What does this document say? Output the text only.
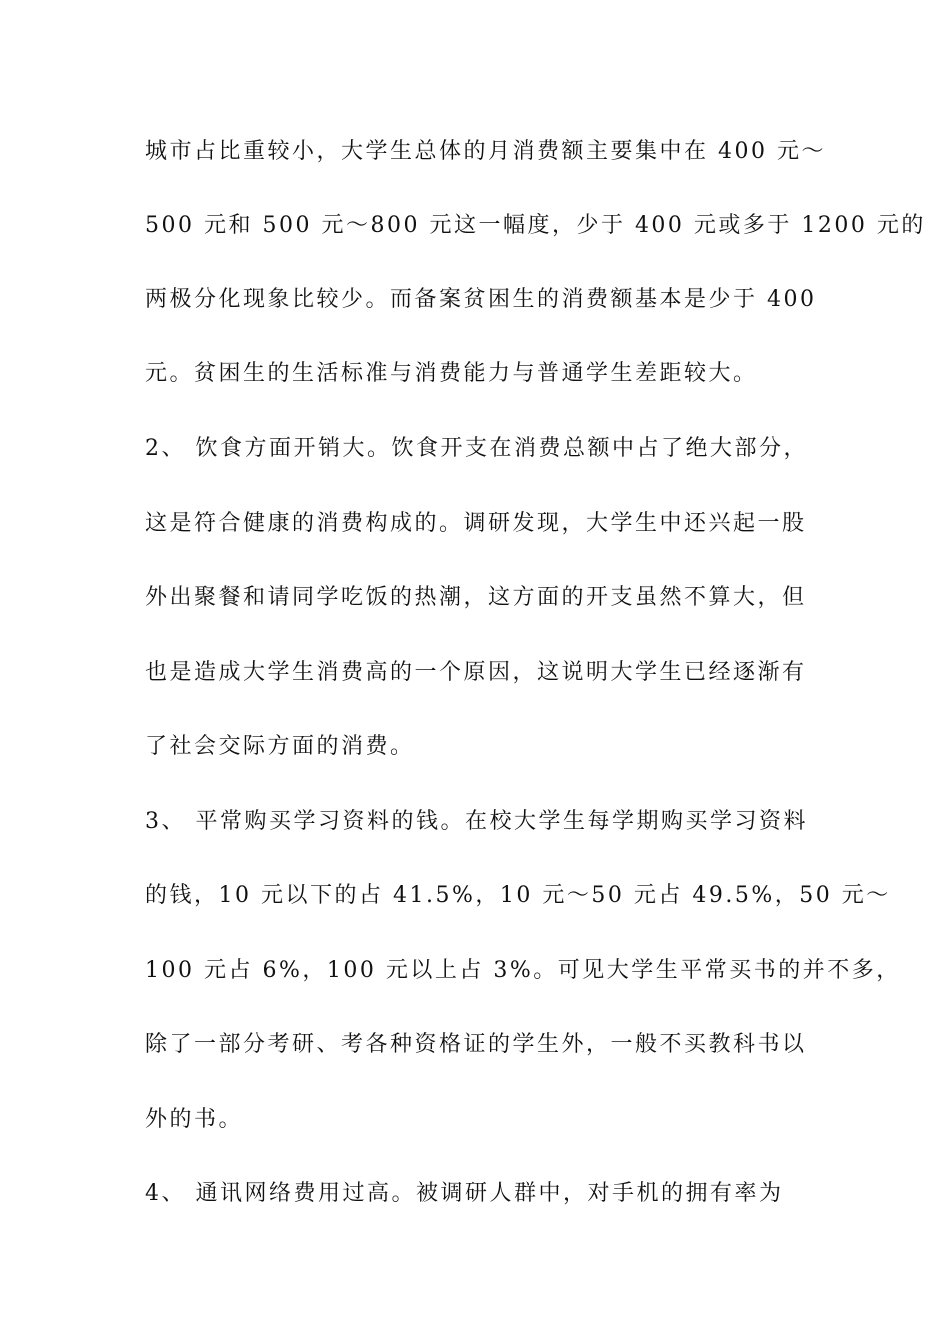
城市占比重较小，大学生总体的月消费额主要集中在 400 元～
500 元和 500 元～800 元这一幅度，少于 400 元或多于 1200 元的
两极分化现象比较少。而备案贫困生的消费额基本是少于 400
元。贫困生的生活标准与消费能力与普通学生差距较大。
2、 饮食方面开销大。饮食开支在消费总额中占了绝大部分，
这是符合健康的消费构成的。调研发现，大学生中还兴起一股
外出聚餐和请同学吃饭的热潮，这方面的开支虽然不算大，但
也是造成大学生消费高的一个原因，这说明大学生已经逐渐有
了社会交际方面的消费。
3、 平常购买学习资料的钱。在校大学生每学期购买学习资料
的钱，10 元以下的占 41.5%，10 元～50 元占 49.5%，50 元～
100 元占 6%，100 元以上占 3%。可见大学生平常买书的并不多，
除了一部分考研、考各种资格证的学生外，一般不买教科书以
外的书。
4、 通讯网络费用过高。被调研人群中，对手机的拥有率为
